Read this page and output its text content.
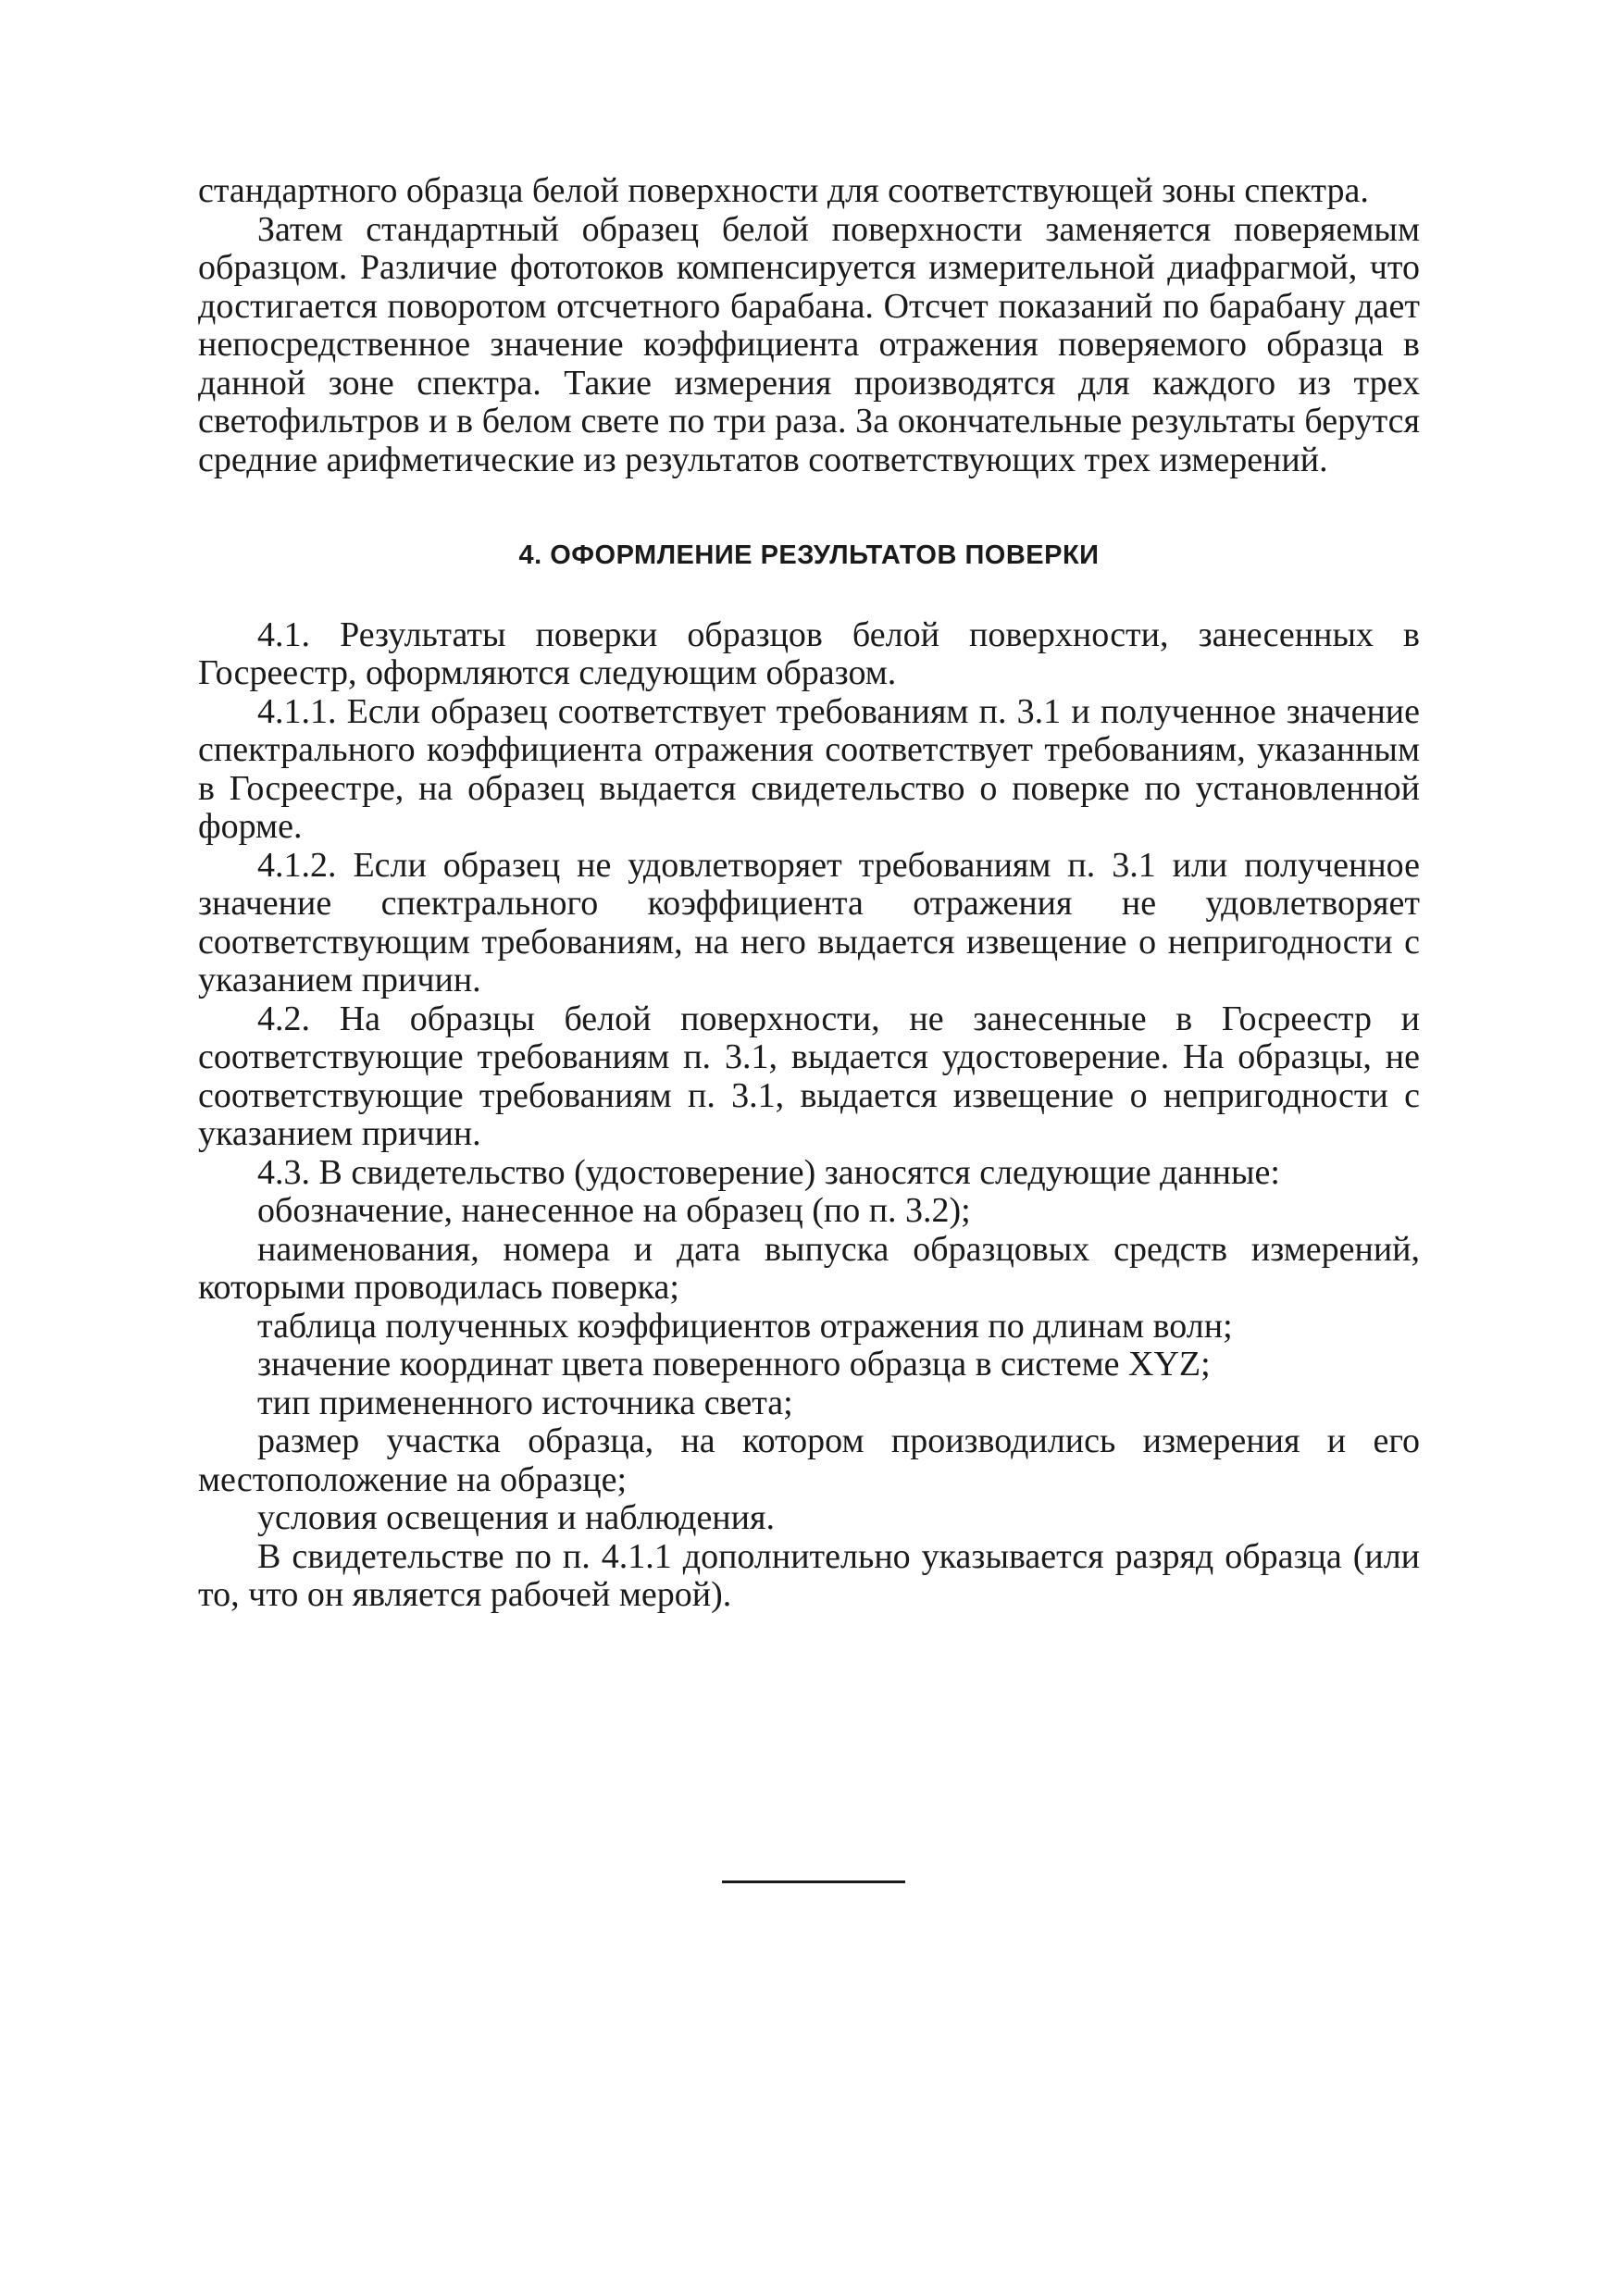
стандартного образца белой поверхности для соответствующей зоны спектра.

Затем стандартный образец белой поверхности заменяется поверяемым образцом. Различие фототоков компенсируется измерительной диафрагмой, что достигается поворотом отсчетного барабана. Отсчет показаний по барабану дает непосредственное значение коэффициента отражения поверяемого образца в данной зоне спектра. Такие измерения производятся для каждого из трех светофильтров и в белом свете по три раза. За окончательные результаты берутся средние арифметические из результатов соответствующих трех измерений.

4. ОФОРМЛЕНИЕ РЕЗУЛЬТАТОВ ПОВЕРКИ

4.1. Результаты поверки образцов белой поверхности, занесенных в Госреестр, оформляются следующим образом.

4.1.1. Если образец соответствует требованиям п. 3.1 и полученное значение спектрального коэффициента отражения соответствует требованиям, указанным в Госреестре, на образец выдается свидетельство о поверке по установленной форме.

4.1.2. Если образец не удовлетворяет требованиям п. 3.1 или полученное значение спектрального коэффициента отражения не удовлетворяет соответствующим требованиям, на него выдается извещение о непригодности с указанием причин.

4.2. На образцы белой поверхности, не занесенные в Госреестр и соответствующие требованиям п. 3.1, выдается удостоверение. На образцы, не соответствующие требованиям п. 3.1, выдается извещение о непригодности с указанием причин.

4.3. В свидетельство (удостоверение) заносятся следующие данные:

обозначение, нанесенное на образец (по п. 3.2);

наименования, номера и дата выпуска образцовых средств измерений, которыми проводилась поверка;

таблица полученных коэффициентов отражения по длинам волн;

значение координат цвета поверенного образца в системе XYZ;

тип примененного источника света;

размер участка образца, на котором производились измерения и его местоположение на образце;

условия освещения и наблюдения.

В свидетельстве по п. 4.1.1 дополнительно указывается разряд образца (или то, что он является рабочей мерой).
